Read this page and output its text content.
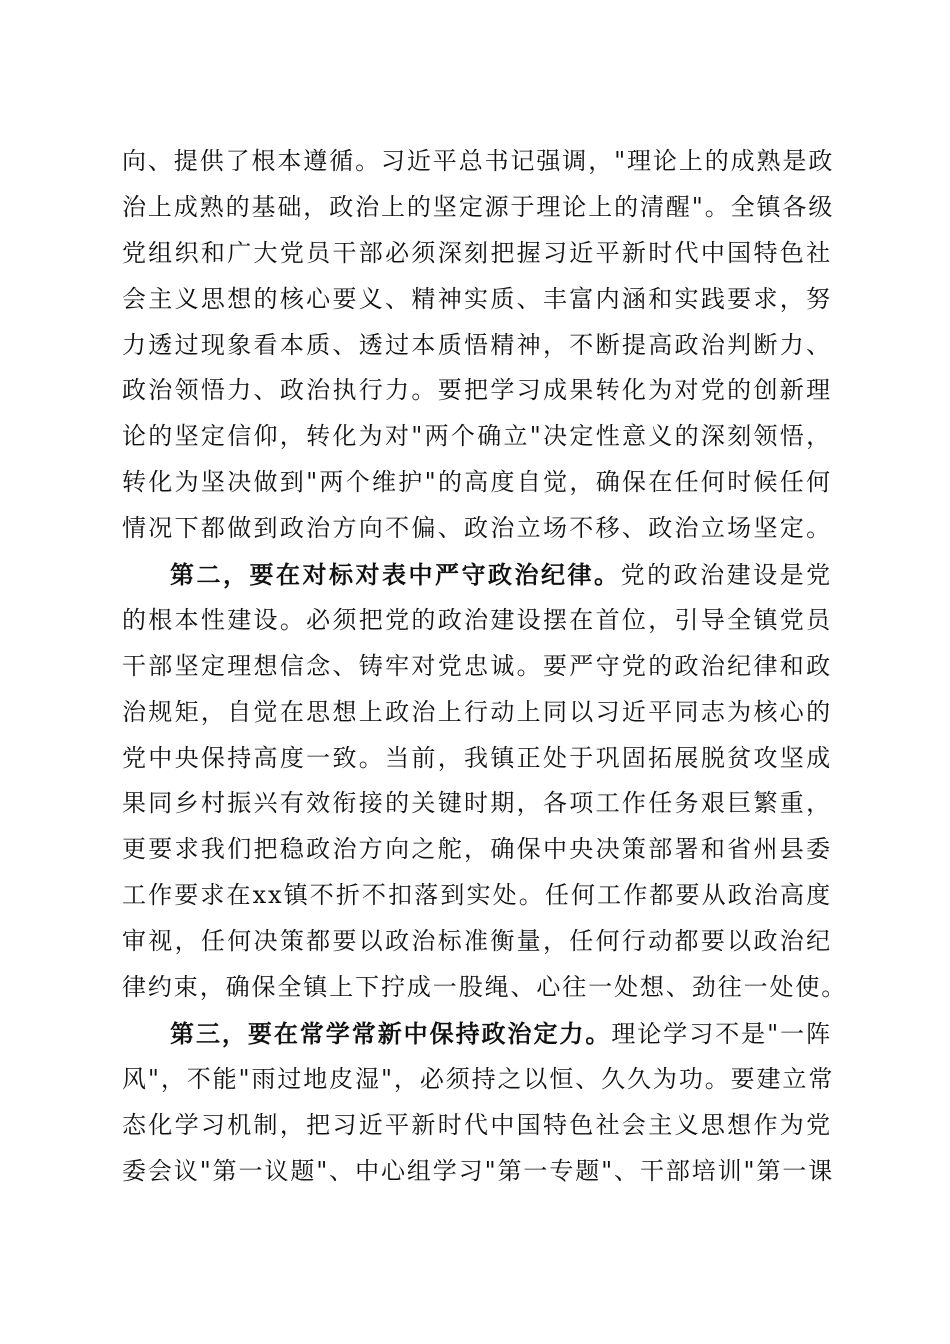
向、提供了根本遵循。习近平总书记强调，"理论上的成熟是政
治上成熟的基础，政治上的坚定源于理论上的清醒"。全镇各级
党组织和广大党员干部必须深刻把握习近平新时代中国特色社
会主义思想的核心要义、精神实质、丰富内涵和实践要求，努
力透过现象看本质、透过本质悟精神，不断提高政治判断力、
政治领悟力、政治执行力。要把学习成果转化为对党的创新理
论的坚定信仰，转化为对"两个确立"决定性意义的深刻领悟，
转化为坚决做到"两个维护"的高度自觉，确保在任何时候任何
情况下都做到政治方向不偏、政治立场不移、政治立场坚定。
第二，要在对标对表中严守政治纪律。党的政治建设是党
的根本性建设。必须把党的政治建设摆在首位，引导全镇党员
干部坚定理想信念、铸牢对党忠诚。要严守党的政治纪律和政
治规矩，自觉在思想上政治上行动上同以习近平同志为核心的
党中央保持高度一致。当前，我镇正处于巩固拓展脱贫攻坚成
果同乡村振兴有效衔接的关键时期，各项工作任务艰巨繁重，
更要求我们把稳政治方向之舵，确保中央决策部署和省州县委
工作要求在xx镇不折不扣落到实处。任何工作都要从政治高度
审视，任何决策都要以政治标准衡量，任何行动都要以政治纪
律约束，确保全镇上下拧成一股绳、心往一处想、劲往一处使。
第三，要在常学常新中保持政治定力。理论学习不是"一阵
风"，不能"雨过地皮湿"，必须持之以恒、久久为功。要建立常
态化学习机制，把习近平新时代中国特色社会主义思想作为党
委会议"第一议题"、中心组学习"第一专题"、干部培训"第一课
